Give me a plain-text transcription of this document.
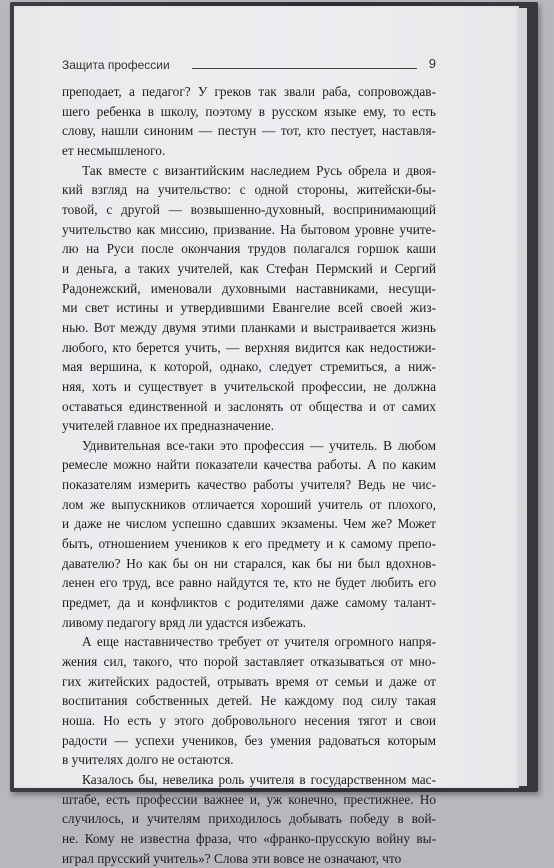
Защита профессии	9

преподает, а педагог? У греков так звали раба, сопровождав-
шего ребенка в школу, поэтому в русском языке ему, то есть
слову, нашли синоним — пестун — тот, кто пестует, наставля-
ет несмышленого.

Так вместе с византийским наследием Русь обрела и двоя-
кий взгляд на учительство: с одной стороны, житейски-бы-
товой, с другой — возвышенно-духовный, воспринимающий
учительство как миссию, призвание. На бытовом уровне учите-
лю на Руси после окончания трудов полагался горшок каши
и деньга, а таких учителей, как Стефан Пермский и Сергий
Радонежский, именовали духовными наставниками, несущи-
ми свет истины и утвердившими Евангелие всей своей жиз-
нью. Вот между двумя этими планками и выстраивается жизнь
любого, кто берется учить, — верхняя видится как недостижи-
мая вершина, к которой, однако, следует стремиться, а ниж-
няя, хоть и существует в учительской профессии, не должна
оставаться единственной и заслонять от общества и от самих
учителей главное их предназначение.

Удивительная все-таки это профессия — учитель. В любом
ремесле можно найти показатели качества работы. А по каким
показателям измерить качество работы учителя? Ведь не чис-
лом же выпускников отличается хороший учитель от плохого,
и даже не числом успешно сдавших экзамены. Чем же? Может
быть, отношением учеников к его предмету и к самому препо-
давателю? Но как бы он ни старался, как бы ни был вдохнов-
ленен его труд, все равно найдутся те, кто не будет любить его
предмет, да и конфликтов с родителями даже самому талант-
ливому педагогу вряд ли удастся избежать.

А еще наставничество требует от учителя огромного напря-
жения сил, такого, что порой заставляет отказываться от мно-
гих житейских радостей, отрывать время от семьи и даже от
воспитания собственных детей. Не каждому под силу такая
ноша. Но есть у этого добровольного несения тягот и свои
радости — успехи учеников, без умения радоваться которым
в учителях долго не остаются.

Казалось бы, невелика роль учителя в государственном мас-
штабе, есть профессии важнее и, уж конечно, престижнее. Но
случилось, и учителям приходилось добывать победу в вой-
не. Кому не известна фраза, что «франко-прусскую войну вы-
играл прусский учитель»? Слова эти вовсе не означают, что
